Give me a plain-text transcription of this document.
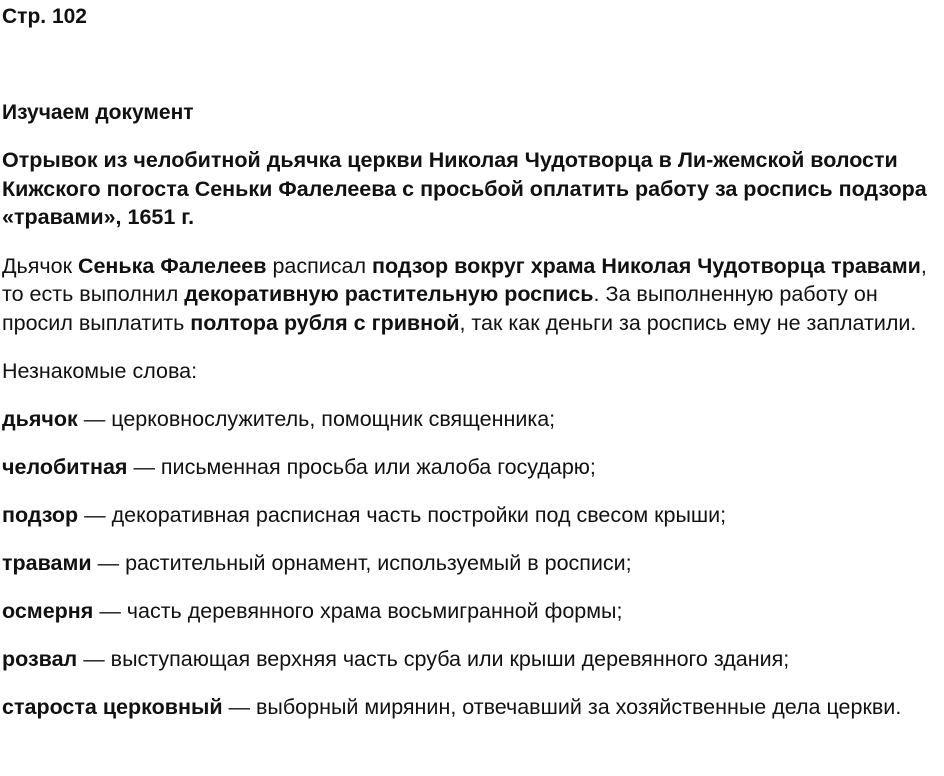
Стр. 102
Изучаем документ

Отрывок из челобитной дьячка церкви Николая Чудотворца в Ли-жемской волости Кижского погоста Сеньки Фалелеева с просьбой оплатить работу за роспись подзора «травами», 1651 г.

Дьячок Сенька Фалелеев расписал подзор вокруг храма Николая Чудотворца травами, то есть выполнил декоративную растительную роспись. За выполненную работу он просил выплатить полтора рубля с гривной, так как деньги за роспись ему не заплатили.

Незнакомые слова:

дьячок — церковнослужитель, помощник священника;
челобитная — письменная просьба или жалоба государю;
подзор — декоративная расписная часть постройки под свесом крыши;
травами — растительный орнамент, используемый в росписи;
осмерня — часть деревянного храма восьмигранной формы;
розвал — выступающая верхняя часть сруба или крыши деревянного здания;
староста церковный — выборный мирянин, отвечавший за хозяйственные дела церкви.
